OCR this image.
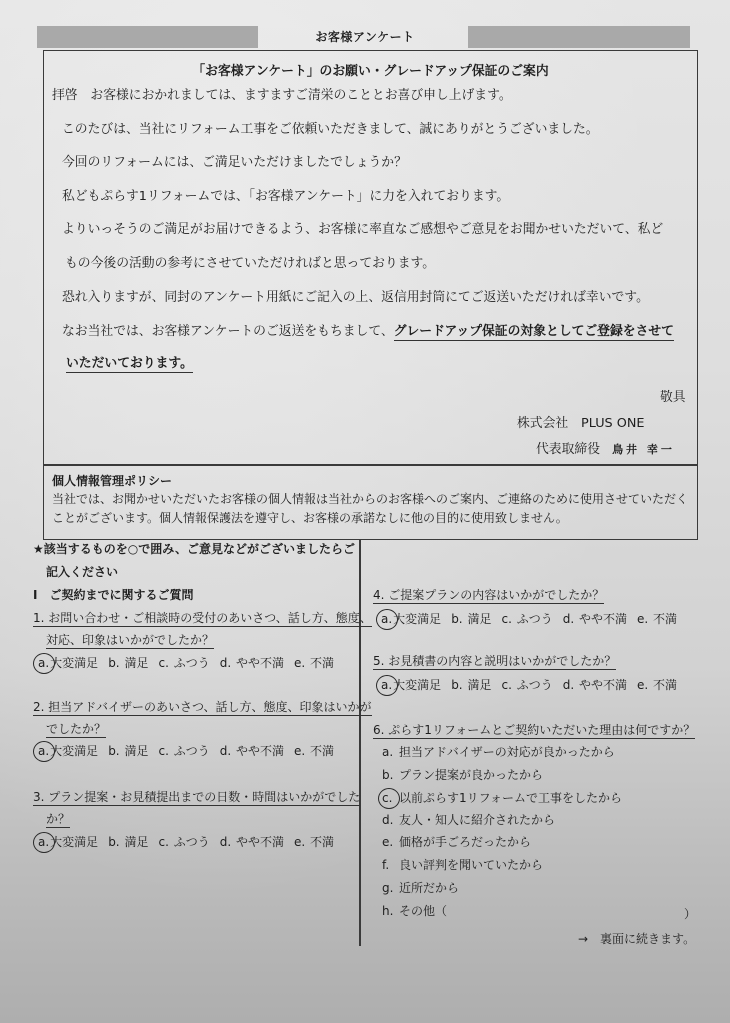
お客様アンケート
「お客様アンケート」のお願い・グレードアップ保証のご案内
拝啓　お客様におかれましては、ますますご清栄のこととお喜び申し上げます。
このたびは、当社にリフォーム工事をご依頼いただきまして、誠にありがとうございました。
今回のリフォームには、ご満足いただけましたでしょうか？
私どもぷらす1リフォームでは、「お客様アンケート」に力を入れております。
よりいっそうのご満足がお届けできるよう、お客様に率直なご感想やご意見をお聞かせいただいて、私ど
もの今後の活動の参考にさせていただければと思っております。
恐れ入りますが、同封のアンケート用紙にご記入の上、返信用封筒にてご返送いただければ幸いです。
なお当社では、お客様アンケートのご返送をもちまして、グレードアップ保証の対象としてご登録をさせて
いただいております。
敬具
株式会社　PLUS ONE
代表取締役 鳥井 幸一
個人情報管理ポリシー
当社では、お聞かせいただいたお客様の個人情報は当社からのお客様へのご案内、ご連絡のために使用させていただく
ことがございます。個人情報保護法を遵守し、お客様の承諾なしに他の目的に使用致しません。
★該当するものを○で囲み、ご意見などがございましたらご
記入ください
Ⅰ　ご契約までに関するご質問
1. お問い合わせ・ご相談時の受付のあいさつ、話し方、態度、
対応、印象はいかがでしたか？
a.大変満足 b. 満足 c. ふつう d. やや不満 e. 不満
2. 担当アドバイザーのあいさつ、話し方、態度、印象はいかが
でしたか？
a.大変満足 b. 満足 c. ふつう d. やや不満 e. 不満
3. プラン提案・お見積提出までの日数・時間はいかがでした
か？
a.大変満足 b. 満足 c. ふつう d. やや不満 e. 不満
4. ご提案プランの内容はいかがでしたか？
a.大変満足 b. 満足 c. ふつう d. やや不満 e. 不満
5. お見積書の内容と説明はいかがでしたか？
a.大変満足 b. 満足 c. ふつう d. やや不満 e. 不満
6. ぷらす1リフォームとご契約いただいた理由は何ですか？
a. 担当アドバイザーの対応が良かったから
b. プラン提案が良かったから
c. 以前ぷらす1リフォームで工事をしたから
d. 友人・知人に紹介されたから
e. 価格が手ごろだったから
f. 良い評判を聞いていたから
g. 近所だから
h. その他（	）
→　裏面に続きます。
